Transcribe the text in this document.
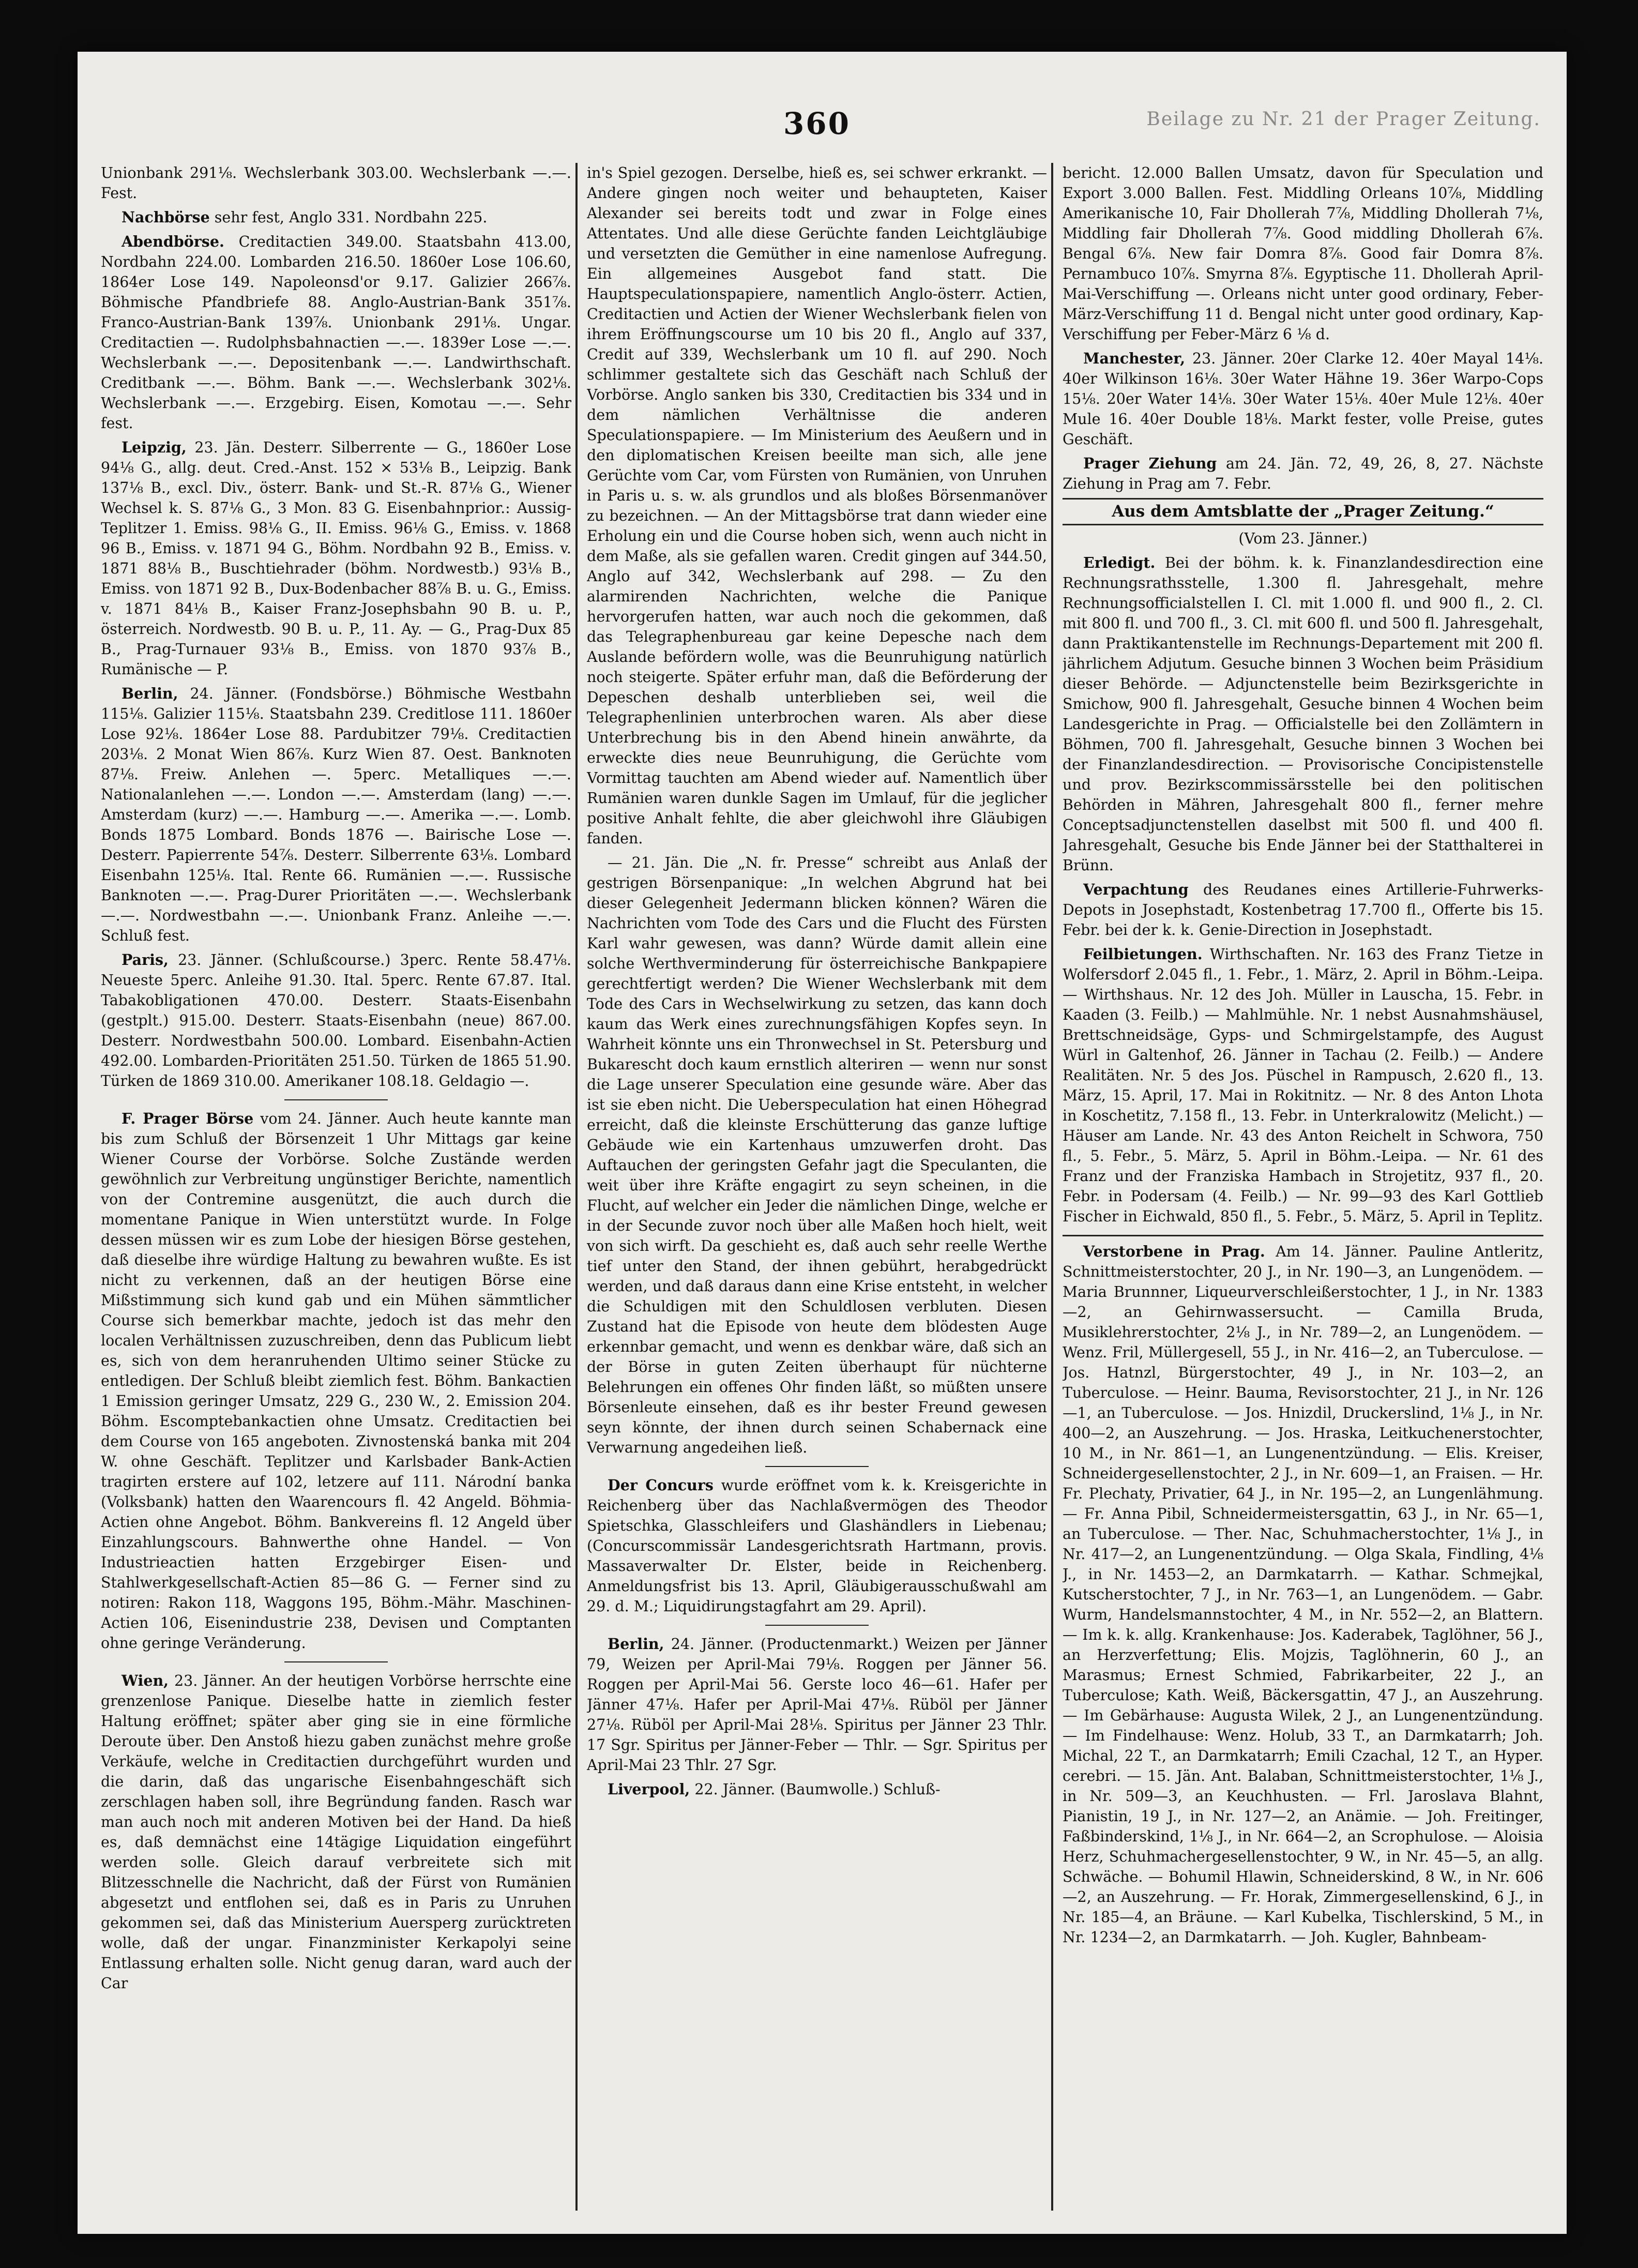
360	Beilage zu Nr. 21 der Prager Zeitung.

Unionbank 291⅛. Wechslerbank 303.00. Wechslerbank —.—. Fest.

Nachbörse sehr fest, Anglo 331. Nordbahn 225.

Abendbörse. Creditactien 349.00. Staatsbahn 413.00, Nordbahn 224.00. Lombarden 216.50. 1860er Lose 106.60, 1864er Lose 149. Napoleonsd'or 9.17. Galizier 266⅞. Böhmische Pfandbriefe 88. Anglo-Austrian-Bank 351⅞. Franco-Austrian-Bank 139⅞. Unionbank 291⅛. Ungar. Creditactien —. Rudolphsbahnactien —.—. 1839er Lose —.—. Wechslerbank —.—. Depositenbank —.—. Landwirthschaft. Creditbank —.—. Böhm. Bank —.—. Wechslerbank 302⅛. Wechslerbank —.—. Erzgebirg. Eisen, Komotau —.—. Sehr fest.

Leipzig, 23. Jän. Desterr. Silberrente — G., 1860er Lose 94⅛ G., allg. deut. Cred.-Anst. 152 × 53⅛ B., Leipzig. Bank 137⅛ B., excl. Div., österr. Bank- und St.-R. 87⅛ G., Wiener Wechsel k. S. 87⅛ G., 3 Mon. 83 G. Eisenbahnprior.: Aussig-Teplitzer 1. Emiss. 98⅛ G., II. Emiss. 96⅛ G., Emiss. v. 1868 96 B., Emiss. v. 1871 94 G., Böhm. Nordbahn 92 B., Emiss. v. 1871 88⅛ B., Buschtiehrader (böhm. Nordwestb.) 93⅛ B., Emiss. von 1871 92 B., Dux-Bodenbacher 88⅞ B. u. G., Emiss. v. 1871 84⅛ B., Kaiser Franz-Josephsbahn 90 B. u. P., österreich. Nordwestb. 90 B. u. P., 11. Ay. — G., Prag-Dux 85 B., Prag-Turnauer 93⅛ B., Emiss. von 1870 93⅞ B., Rumänische — P.

Berlin, 24. Jänner. (Fondsbörse.) Böhmische Westbahn 115⅛. Galizier 115⅛. Staatsbahn 239. Creditlose 111. 1860er Lose 92⅛. 1864er Lose 88. Pardubitzer 79⅛. Creditactien 203⅛. 2 Monat Wien 86⅞. Kurz Wien 87. Oest. Banknoten 87⅛. Freiw. Anlehen —. 5perc. Metalliques —.—. Nationalanlehen —.—. London —.—. Amsterdam (lang) —.—. Amsterdam (kurz) —.—. Hamburg —.—. Amerika —.—. Lomb. Bonds 1875 Lombard. Bonds 1876 —. Bairische Lose —. Desterr. Papierrente 54⅞. Desterr. Silberrente 63⅛. Lombard Eisenbahn 125⅛. Ital. Rente 66. Rumänien —.—. Russische Banknoten —.—. Prag-Durer Prioritäten —.—. Wechslerbank —.—. Nordwestbahn —.—. Unionbank Franz. Anleihe —.—. Schluß fest.

Paris, 23. Jänner. (Schlußcourse.) 3perc. Rente 58.47⅛. Neueste 5perc. Anleihe 91.30. Ital. 5perc. Rente 67.87. Ital. Tabakobligationen 470.00. Desterr. Staats-Eisenbahn (gestplt.) 915.00. Desterr. Staats-Eisenbahn (neue) 867.00. Desterr. Nordwestbahn 500.00. Lombard. Eisenbahn-Actien 492.00. Lombarden-Prioritäten 251.50. Türken de 1865 51.90. Türken de 1869 310.00. Amerikaner 108.18. Geldagio —.

F. Prager Börse vom 24. Jänner. Auch heute kannte man bis zum Schluß der Börsenzeit 1 Uhr Mittags gar keine Wiener Course der Vorbörse. Solche Zustände werden gewöhnlich zur Verbreitung ungünstiger Berichte, namentlich von der Contremine ausgenützt, die auch durch die momentane Panique in Wien unterstützt wurde. In Folge dessen müssen wir es zum Lobe der hiesigen Börse gestehen, daß dieselbe ihre würdige Haltung zu bewahren wußte. Es ist nicht zu verkennen, daß an der heutigen Börse eine Mißstimmung sich kund gab und ein Mühen sämmtlicher Course sich bemerkbar machte, jedoch ist das mehr den localen Verhältnissen zuzuschreiben, denn das Publicum liebt es, sich von dem heranruhenden Ultimo seiner Stücke zu entledigen. Der Schluß bleibt ziemlich fest. Böhm. Bankactien 1 Emission geringer Umsatz, 229 G., 230 W., 2. Emission 204. Böhm. Escomptebankactien ohne Umsatz. Creditactien bei dem Course von 165 angeboten. Zivnostenská banka mit 204 W. ohne Geschäft. Teplitzer und Karlsbader Bank-Actien tragirten erstere auf 102, letzere auf 111. Národní banka (Volksbank) hatten den Waarencours fl. 42 Angeld. Böhmia-Actien ohne Angebot. Böhm. Bankvereins fl. 12 Angeld über Einzahlungscours. Bahnwerthe ohne Handel. — Von Industrieactien hatten Erzgebirger Eisen- und Stahlwerkgesellschaft-Actien 85—86 G. — Ferner sind zu notiren: Rakon 118, Waggons 195, Böhm.-Mähr. Maschinen-Actien 106, Eisenindustrie 238, Devisen und Comptanten ohne geringe Veränderung.

Wien, 23. Jänner. An der heutigen Vorbörse herrschte eine grenzenlose Panique. Dieselbe hatte in ziemlich fester Haltung eröffnet; später aber ging sie in eine förmliche Deroute über. Den Anstoß hiezu gaben zunächst mehre große Verkäufe, welche in Creditactien durchgeführt wurden und die darin, daß das ungarische Eisenbahngeschäft sich zerschlagen haben soll, ihre Begründung fanden. Rasch war man auch noch mit anderen Motiven bei der Hand. Da hieß es, daß demnächst eine 14tägige Liquidation eingeführt werden solle. Gleich darauf verbreitete sich mit Blitzesschnelle die Nachricht, daß der Fürst von Rumänien abgesetzt und entflohen sei, daß es in Paris zu Unruhen gekommen sei, daß das Ministerium Auersperg zurücktreten wolle, daß der ungar. Finanzminister Kerkapolyi seine Entlassung erhalten solle. Nicht genug daran, ward auch der Car

in's Spiel gezogen. Derselbe, hieß es, sei schwer erkrankt. — Andere gingen noch weiter und behaupteten, Kaiser Alexander sei bereits todt und zwar in Folge eines Attentates. Und alle diese Gerüchte fanden Leichtgläubige und versetzten die Gemüther in eine namenlose Aufregung. Ein allgemeines Ausgebot fand statt. Die Hauptspeculationspapiere, namentlich Anglo-österr. Actien, Creditactien und Actien der Wiener Wechslerbank fielen von ihrem Eröffnungscourse um 10 bis 20 fl., Anglo auf 337, Credit auf 339, Wechslerbank um 10 fl. auf 290. Noch schlimmer gestaltete sich das Geschäft nach Schluß der Vorbörse. Anglo sanken bis 330, Creditactien bis 334 und in dem nämlichen Verhältnisse die anderen Speculationspapiere. — Im Ministerium des Aeußern und in den diplomatischen Kreisen beeilte man sich, alle jene Gerüchte vom Car, vom Fürsten von Rumänien, von Unruhen in Paris u. s. w. als grundlos und als bloßes Börsenmanöver zu bezeichnen. — An der Mittagsbörse trat dann wieder eine Erholung ein und die Course hoben sich, wenn auch nicht in dem Maße, als sie gefallen waren. Credit gingen auf 344.50, Anglo auf 342, Wechslerbank auf 298. — Zu den alarmirenden Nachrichten, welche die Panique hervorgerufen hatten, war auch noch die gekommen, daß das Telegraphenbureau gar keine Depesche nach dem Auslande befördern wolle, was die Beunruhigung natürlich noch steigerte. Später erfuhr man, daß die Beförderung der Depeschen deshalb unterblieben sei, weil die Telegraphenlinien unterbrochen waren. Als aber diese Unterbrechung bis in den Abend hinein anwährte, da erweckte dies neue Beunruhigung, die Gerüchte vom Vormittag tauchten am Abend wieder auf. Namentlich über Rumänien waren dunkle Sagen im Umlauf, für die jeglicher positive Anhalt fehlte, die aber gleichwohl ihre Gläubigen fanden.

— 21. Jän. Die „N. fr. Presse“ schreibt aus Anlaß der gestrigen Börsenpanique: „In welchen Abgrund hat bei dieser Gelegenheit Jedermann blicken können? Wären die Nachrichten vom Tode des Cars und die Flucht des Fürsten Karl wahr gewesen, was dann? Würde damit allein eine solche Werthverminderung für österreichische Bankpapiere gerechtfertigt werden? Die Wiener Wechslerbank mit dem Tode des Cars in Wechselwirkung zu setzen, das kann doch kaum das Werk eines zurechnungsfähigen Kopfes seyn. In Wahrheit könnte uns ein Thronwechsel in St. Petersburg und Bukarescht doch kaum ernstlich alteriren — wenn nur sonst die Lage unserer Speculation eine gesunde wäre. Aber das ist sie eben nicht. Die Ueberspeculation hat einen Höhegrad erreicht, daß die kleinste Erschütterung das ganze luftige Gebäude wie ein Kartenhaus umzuwerfen droht. Das Auftauchen der geringsten Gefahr jagt die Speculanten, die weit über ihre Kräfte engagirt zu seyn scheinen, in die Flucht, auf welcher ein Jeder die nämlichen Dinge, welche er in der Secunde zuvor noch über alle Maßen hoch hielt, weit von sich wirft. Da geschieht es, daß auch sehr reelle Werthe tief unter den Stand, der ihnen gebührt, herabgedrückt werden, und daß daraus dann eine Krise entsteht, in welcher die Schuldigen mit den Schuldlosen verbluten. Diesen Zustand hat die Episode von heute dem blödesten Auge erkennbar gemacht, und wenn es denkbar wäre, daß sich an der Börse in guten Zeiten überhaupt für nüchterne Belehrungen ein offenes Ohr finden läßt, so müßten unsere Börsenleute einsehen, daß es ihr bester Freund gewesen seyn könnte, der ihnen durch seinen Schabernack eine Verwarnung angedeihen ließ.

Der Concurs wurde eröffnet vom k. k. Kreisgerichte in Reichenberg über das Nachlaßvermögen des Theodor Spietschka, Glasschleifers und Glashändlers in Liebenau; (Concurscommissär Landesgerichtsrath Hartmann, provis. Massaverwalter Dr. Elster, beide in Reichenberg. Anmeldungsfrist bis 13. April, Gläubigerausschußwahl am 29. d. M.; Liquidirungstagfahrt am 29. April).

Berlin, 24. Jänner. (Productenmarkt.) Weizen per Jänner 79, Weizen per April-Mai 79⅛. Roggen per Jänner 56. Roggen per April-Mai 56. Gerste loco 46—61. Hafer per Jänner 47⅛. Hafer per April-Mai 47⅛. Rüböl per Jänner 27⅛. Rüböl per April-Mai 28⅛. Spiritus per Jänner 23 Thlr. 17 Sgr. Spiritus per Jänner-Feber — Thlr. — Sgr. Spiritus per April-Mai 23 Thlr. 27 Sgr.

Liverpool, 22. Jänner. (Baumwolle.) Schluß-

bericht. 12.000 Ballen Umsatz, davon für Speculation und Export 3.000 Ballen. Fest. Middling Orleans 10⅞, Middling Amerikanische 10, Fair Dhollerah 7⅞, Middling Dhollerah 7⅛, Middling fair Dhollerah 7⅞. Good middling Dhollerah 6⅞. Bengal 6⅞. New fair Domra 8⅞. Good fair Domra 8⅞. Pernambuco 10⅞. Smyrna 8⅞. Egyptische 11. Dhollerah April-Mai-Verschiffung —. Orleans nicht unter good ordinary, Feber-März-Verschiffung 11 d. Bengal nicht unter good ordinary, Kap-Verschiffung per Feber-März 6 ⅛ d.

Manchester, 23. Jänner. 20er Clarke 12. 40er Mayal 14⅛. 40er Wilkinson 16⅛. 30er Water Hähne 19. 36er Warpo-Cops 15⅛. 20er Water 14⅛. 30er Water 15⅛. 40er Mule 12⅛. 40er Mule 16. 40er Double 18⅛. Markt fester, volle Preise, gutes Geschäft.

Prager Ziehung am 24. Jän. 72, 49, 26, 8, 27. Nächste Ziehung in Prag am 7. Febr.

Aus dem Amtsblatte der „Prager Zeitung.“

(Vom 23. Jänner.)

Erledigt. Bei der böhm. k. k. Finanzlandesdirection eine Rechnungsrathsstelle, 1.300 fl. Jahresgehalt, mehre Rechnungsofficialstellen I. Cl. mit 1.000 fl. und 900 fl., 2. Cl. mit 800 fl. und 700 fl., 3. Cl. mit 600 fl. und 500 fl. Jahresgehalt, dann Praktikantenstelle im Rechnungs-Departement mit 200 fl. jährlichem Adjutum. Gesuche binnen 3 Wochen beim Präsidium dieser Behörde. — Adjunctenstelle beim Bezirksgerichte in Smichow, 900 fl. Jahresgehalt, Gesuche binnen 4 Wochen beim Landesgerichte in Prag. — Officialstelle bei den Zollämtern in Böhmen, 700 fl. Jahresgehalt, Gesuche binnen 3 Wochen bei der Finanzlandesdirection. — Provisorische Concipistenstelle und prov. Bezirkscommissärsstelle bei den politischen Behörden in Mähren, Jahresgehalt 800 fl., ferner mehre Conceptsadjunctenstellen daselbst mit 500 fl. und 400 fl. Jahresgehalt, Gesuche bis Ende Jänner bei der Statthalterei in Brünn.

Verpachtung des Reudanes eines Artillerie-Fuhrwerks-Depots in Josephstadt, Kostenbetrag 17.700 fl., Offerte bis 15. Febr. bei der k. k. Genie-Direction in Josephstadt.

Feilbietungen. Wirthschaften. Nr. 163 des Franz Tietze in Wolfersdorf 2.045 fl., 1. Febr., 1. März, 2. April in Böhm.-Leipa. — Wirthshaus. Nr. 12 des Joh. Müller in Lauscha, 15. Febr. in Kaaden (3. Feilb.) — Mahlmühle. Nr. 1 nebst Ausnahmshäusel, Brettschneidsäge, Gyps- und Schmirgelstampfe, des August Würl in Galtenhof, 26. Jänner in Tachau (2. Feilb.) — Andere Realitäten. Nr. 5 des Jos. Püschel in Rampusch, 2.620 fl., 13. März, 15. April, 17. Mai in Rokitnitz. — Nr. 8 des Anton Lhota in Koschetitz, 7.158 fl., 13. Febr. in Unterkralowitz (Melicht.) — Häuser am Lande. Nr. 43 des Anton Reichelt in Schwora, 750 fl., 5. Febr., 5. März, 5. April in Böhm.-Leipa. — Nr. 61 des Franz und der Franziska Hambach in Strojetitz, 937 fl., 20. Febr. in Podersam (4. Feilb.) — Nr. 99—93 des Karl Gottlieb Fischer in Eichwald, 850 fl., 5. Febr., 5. März, 5. April in Teplitz.

Verstorbene in Prag. Am 14. Jänner. Pauline Antleritz, Schnittmeisterstochter, 20 J., in Nr. 190—3, an Lungenödem. — Maria Brunnner, Liqueurverschleißerstochter, 1 J., in Nr. 1383—2, an Gehirnwassersucht. — Camilla Bruda, Musiklehrerstochter, 2⅛ J., in Nr. 789—2, an Lungenödem. — Wenz. Fril, Müllergesell, 55 J., in Nr. 416—2, an Tuberculose. — Jos. Hatnzl, Bürgerstochter, 49 J., in Nr. 103—2, an Tuberculose. — Heinr. Bauma, Revisorstochter, 21 J., in Nr. 126—1, an Tuberculose. — Jos. Hnizdil, Druckerslind, 1⅛ J., in Nr. 400—2, an Auszehrung. — Jos. Hraska, Leitkuchenerstochter, 10 M., in Nr. 861—1, an Lungenentzündung. — Elis. Kreiser, Schneidergesellenstochter, 2 J., in Nr. 609—1, an Fraisen. — Hr. Fr. Plechaty, Privatier, 64 J., in Nr. 195—2, an Lungenlähmung. — Fr. Anna Pibil, Schneidermeistersgattin, 63 J., in Nr. 65—1, an Tuberculose. — Ther. Nac, Schuhmacherstochter, 1⅛ J., in Nr. 417—2, an Lungenentzündung. — Olga Skala, Findling, 4⅛ J., in Nr. 1453—2, an Darmkatarrh. — Kathar. Schmejkal, Kutscherstochter, 7 J., in Nr. 763—1, an Lungenödem. — Gabr. Wurm, Handelsmannstochter, 4 M., in Nr. 552—2, an Blattern. — Im k. k. allg. Krankenhause: Jos. Kaderabek, Taglöhner, 56 J., an Herzverfettung; Elis. Mojzis, Taglöhnerin, 60 J., an Marasmus; Ernest Schmied, Fabrikarbeiter, 22 J., an Tuberculose; Kath. Weiß, Bäckersgattin, 47 J., an Auszehrung. — Im Gebärhause: Augusta Wilek, 2 J., an Lungenentzündung. — Im Findelhause: Wenz. Holub, 33 T., an Darmkatarrh; Joh. Michal, 22 T., an Darmkatarrh; Emili Czachal, 12 T., an Hyper. cerebri. — 15. Jän. Ant. Balaban, Schnittmeisterstochter, 1⅛ J., in Nr. 509—3, an Keuchhusten. — Frl. Jaroslava Blahnt, Pianistin, 19 J., in Nr. 127—2, an Anämie. — Joh. Freitinger, Faßbinderskind, 1⅛ J., in Nr. 664—2, an Scrophulose. — Aloisia Herz, Schuhmachergesellenstochter, 9 W., in Nr. 45—5, an allg. Schwäche. — Bohumil Hlawin, Schneiderskind, 8 W., in Nr. 606—2, an Auszehrung. — Fr. Horak, Zimmergesellenskind, 6 J., in Nr. 185—4, an Bräune. — Karl Kubelka, Tischlerskind, 5 M., in Nr. 1234—2, an Darmkatarrh. — Joh. Kugler, Bahnbeam-
